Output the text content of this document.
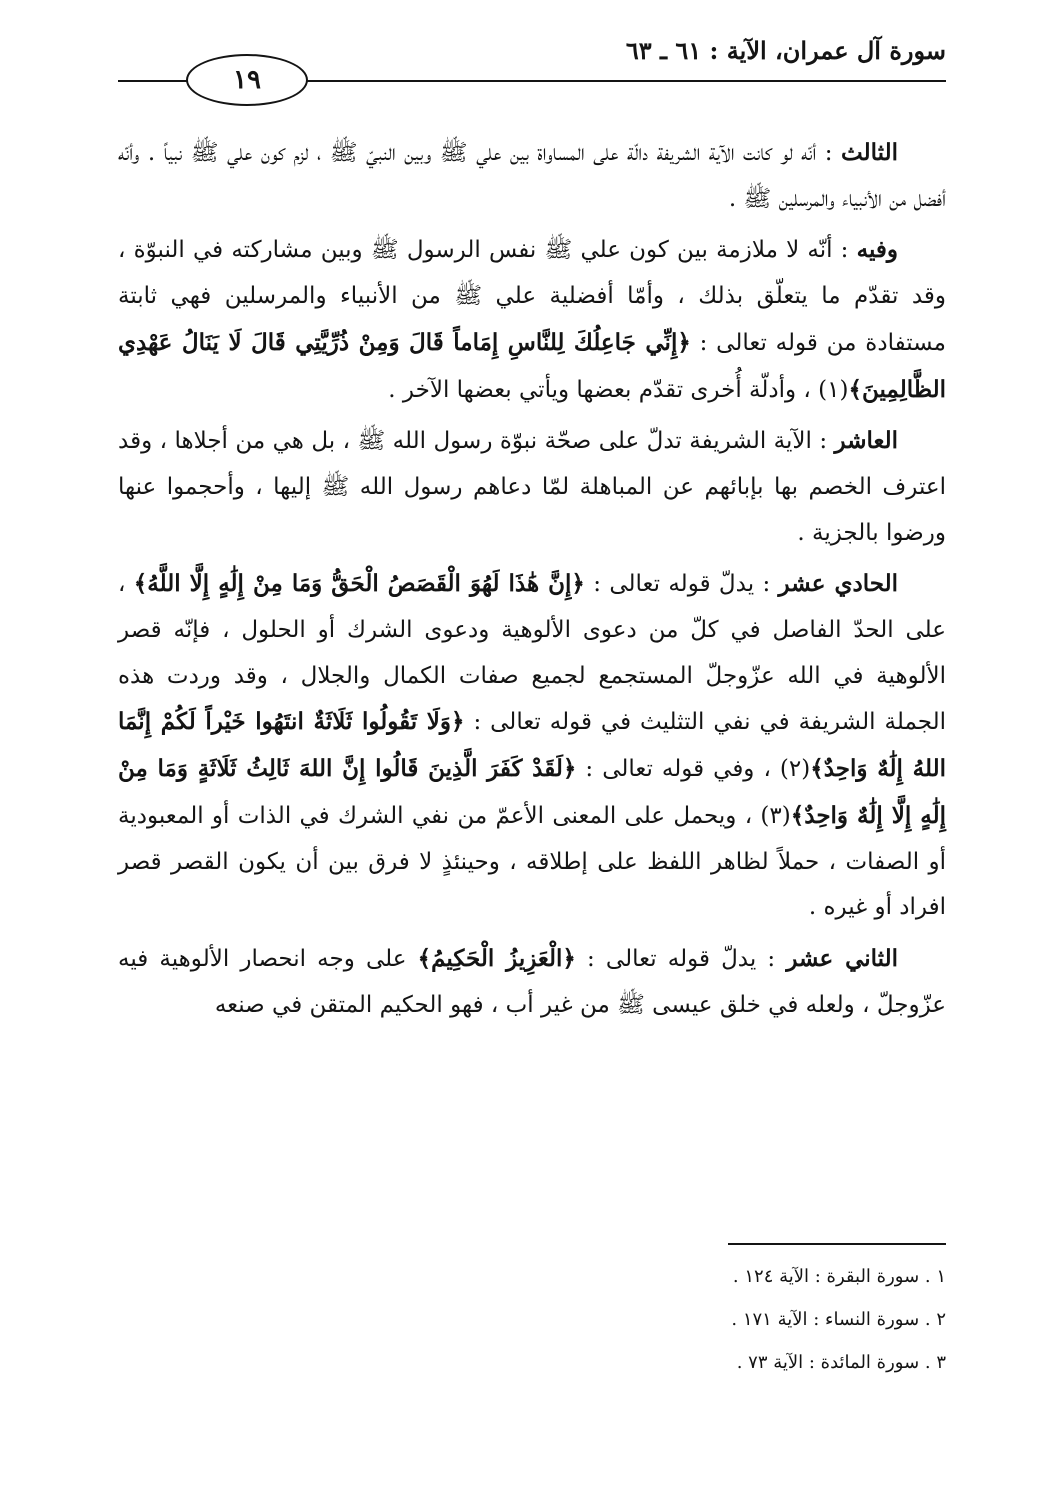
سورة آل عمران، الآية : ٦١ ـ ٦٣
١٩

الثالث : أنّه لو كانت الآية الشريفة دالّة على المساواة بين علي ﷺ وبين النبيّ ﷺ ، لزم كون علي ﷺ نبياً . وأنّه أفضل من الأنبياء والمرسلين ﷺ .

وفيه : أنّه لا ملازمة بين كون علي ﷺ نفس الرسول ﷺ وبين مشاركته في النبوّة ، وقد تقدّم ما يتعلّق بذلك ، وأمّا أفضلية علي ﷺ من الأنبياء والمرسلين فهي ثابتة مستفادة من قوله تعالى : ﴿إِنِّي جَاعِلُكَ لِلنَّاسِ إِمَاماً قَالَ وَمِنْ ذُرِّيَّتِي قَالَ لَا يَنَالُ عَهْدِي الظَّالِمِينَ﴾(١) ، وأدلّة أُخرى تقدّم بعضها ويأتي بعضها الآخر .

العاشر : الآية الشريفة تدلّ على صحّة نبوّة رسول الله ﷺ ، بل هي من أجلاها ، وقد اعترف الخصم بها بإبائهم عن المباهلة لمّا دعاهم رسول الله ﷺ إليها ، وأحجموا عنها ورضوا بالجزية .

الحادي عشر : يدلّ قوله تعالى : ﴿إِنَّ هَٰذَا لَهُوَ الْقَصَصُ الْحَقُّ وَمَا مِنْ إِلَٰهٍ إِلَّا اللَّهُ﴾ ، على الحدّ الفاصل في كلّ من دعوى الألوهية ودعوى الشرك أو الحلول ، فإنّه قصر الألوهية في الله عزّوجلّ المستجمع لجميع صفات الكمال والجلال ، وقد وردت هذه الجملة الشريفة في نفي التثليث في قوله تعالى : ﴿وَلَا تَقُولُوا ثَلَاثَةٌ انتَهُوا خَيْراً لَكُمْ إِنَّمَا اللهُ إِلَٰهٌ وَاحِدٌ﴾(٢) ، وفي قوله تعالى : ﴿لَقَدْ كَفَرَ الَّذِينَ قَالُوا إِنَّ اللهَ ثَالِثُ ثَلَاثَةٍ وَمَا مِنْ إِلَٰهٍ إِلَّا إِلَٰهٌ وَاحِدٌ﴾(٣) ، ويحمل على المعنى الأعمّ من نفي الشرك في الذات أو المعبودية أو الصفات ، حملاً لظاهر اللفظ على إطلاقه ، وحينئذٍ لا فرق بين أن يكون القصر قصر افراد أو غيره .

الثاني عشر : يدلّ قوله تعالى : ﴿الْعَزِيزُ الْحَكِيمُ﴾ على وجه انحصار الألوهية فيه عزّوجلّ ، ولعله في خلق عيسى ﷺ من غير أب ، فهو الحكيم المتقن في صنعه

١ . سورة البقرة : الآية ١٢٤ .
٢ . سورة النساء : الآية ١٧١ .
٣ . سورة المائدة : الآية ٧٣ .
